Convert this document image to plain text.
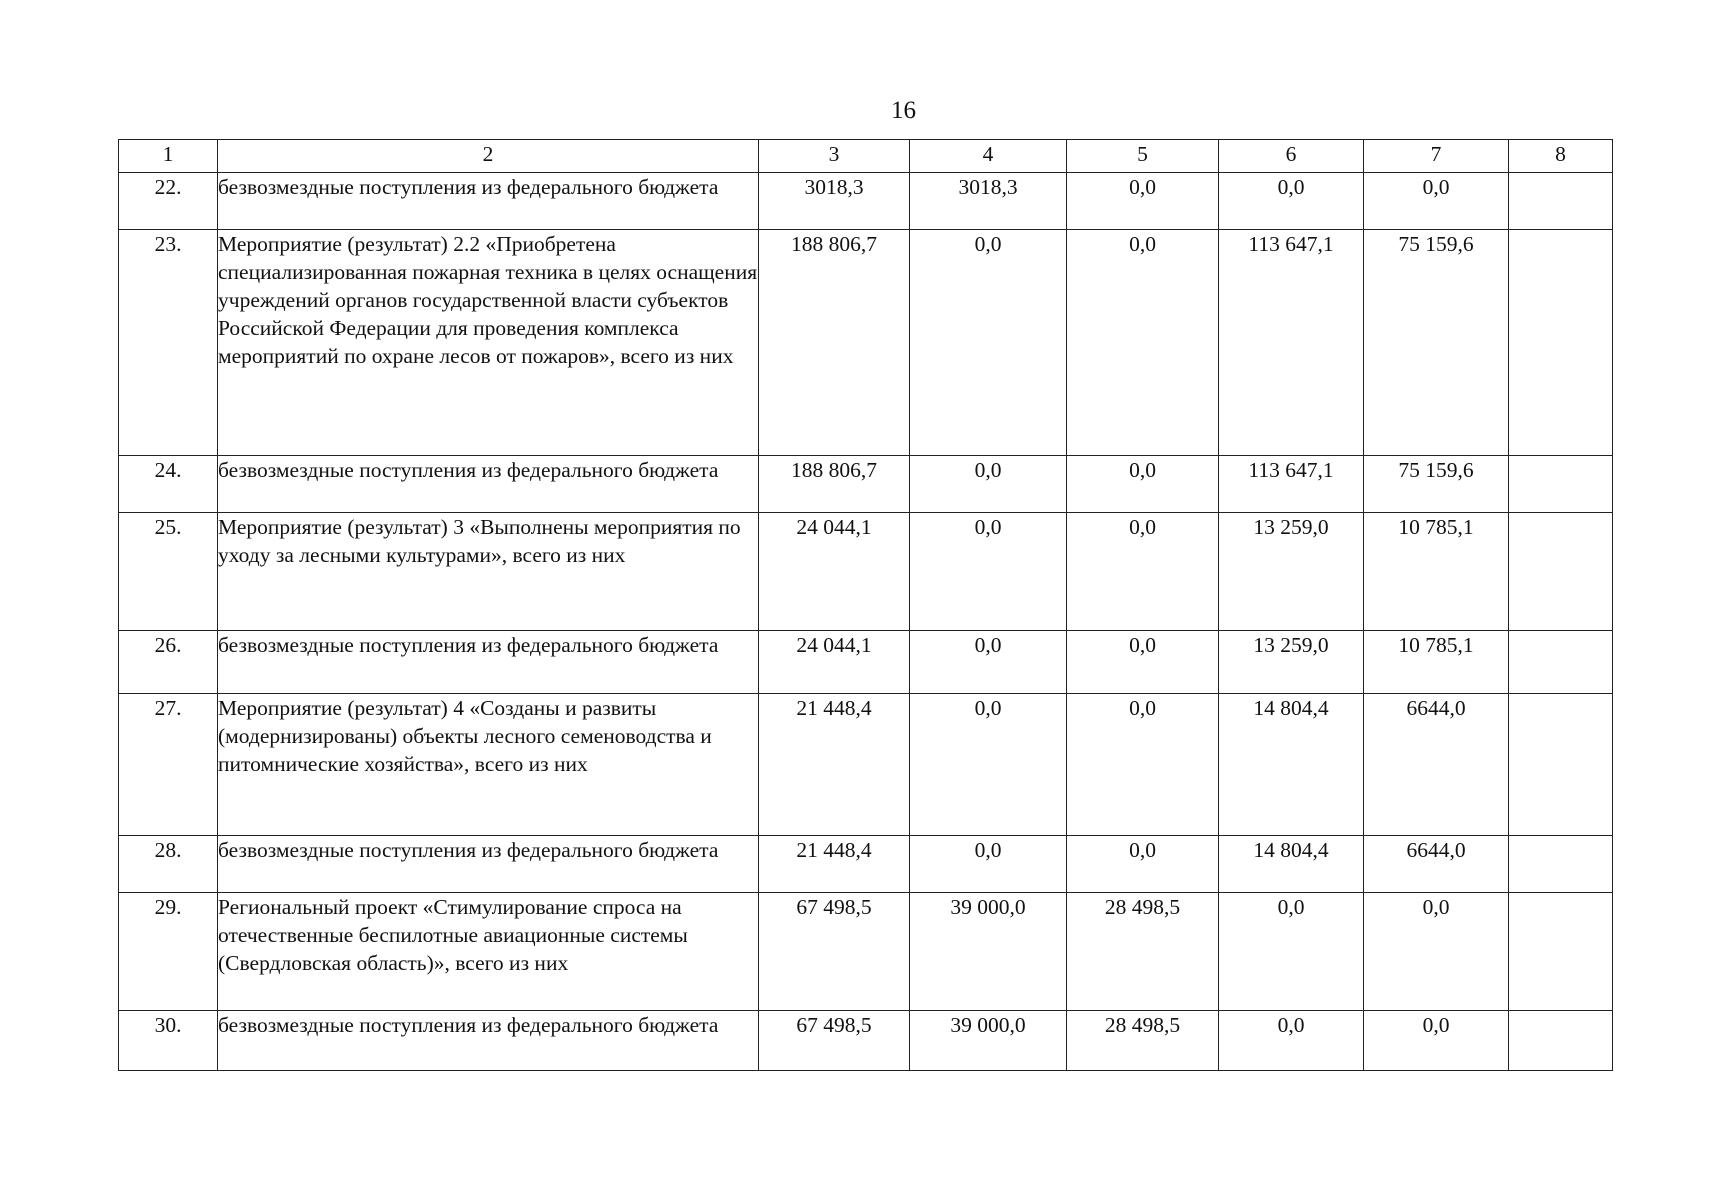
16
1	2	3	4	5	6	7	8
22.	безвозмездные поступления из федерального бюджета	3018,3	3018,3	0,0	0,0	0,0	
23.	Мероприятие (результат) 2.2 «Приобретена специализированная пожарная техника в целях оснащения учреждений органов государственной власти субъектов Российской Федерации для проведения комплекса мероприятий по охране лесов от пожаров», всего из них	188 806,7	0,0	0,0	113 647,1	75 159,6	
24.	безвозмездные поступления из федерального бюджета	188 806,7	0,0	0,0	113 647,1	75 159,6	
25.	Мероприятие (результат) 3 «Выполнены мероприятия по уходу за лесными культурами», всего из них	24 044,1	0,0	0,0	13 259,0	10 785,1	
26.	безвозмездные поступления из федерального бюджета	24 044,1	0,0	0,0	13 259,0	10 785,1	
27.	Мероприятие (результат) 4 «Созданы и развиты (модернизированы) объекты лесного семеноводства и питомнические хозяйства», всего из них	21 448,4	0,0	0,0	14 804,4	6644,0	
28.	безвозмездные поступления из федерального бюджета	21 448,4	0,0	0,0	14 804,4	6644,0	
29.	Региональный проект «Стимулирование спроса на отечественные беспилотные авиационные системы (Свердловская область)», всего из них	67 498,5	39 000,0	28 498,5	0,0	0,0	
30.	безвозмездные поступления из федерального бюджета	67 498,5	39 000,0	28 498,5	0,0	0,0	
